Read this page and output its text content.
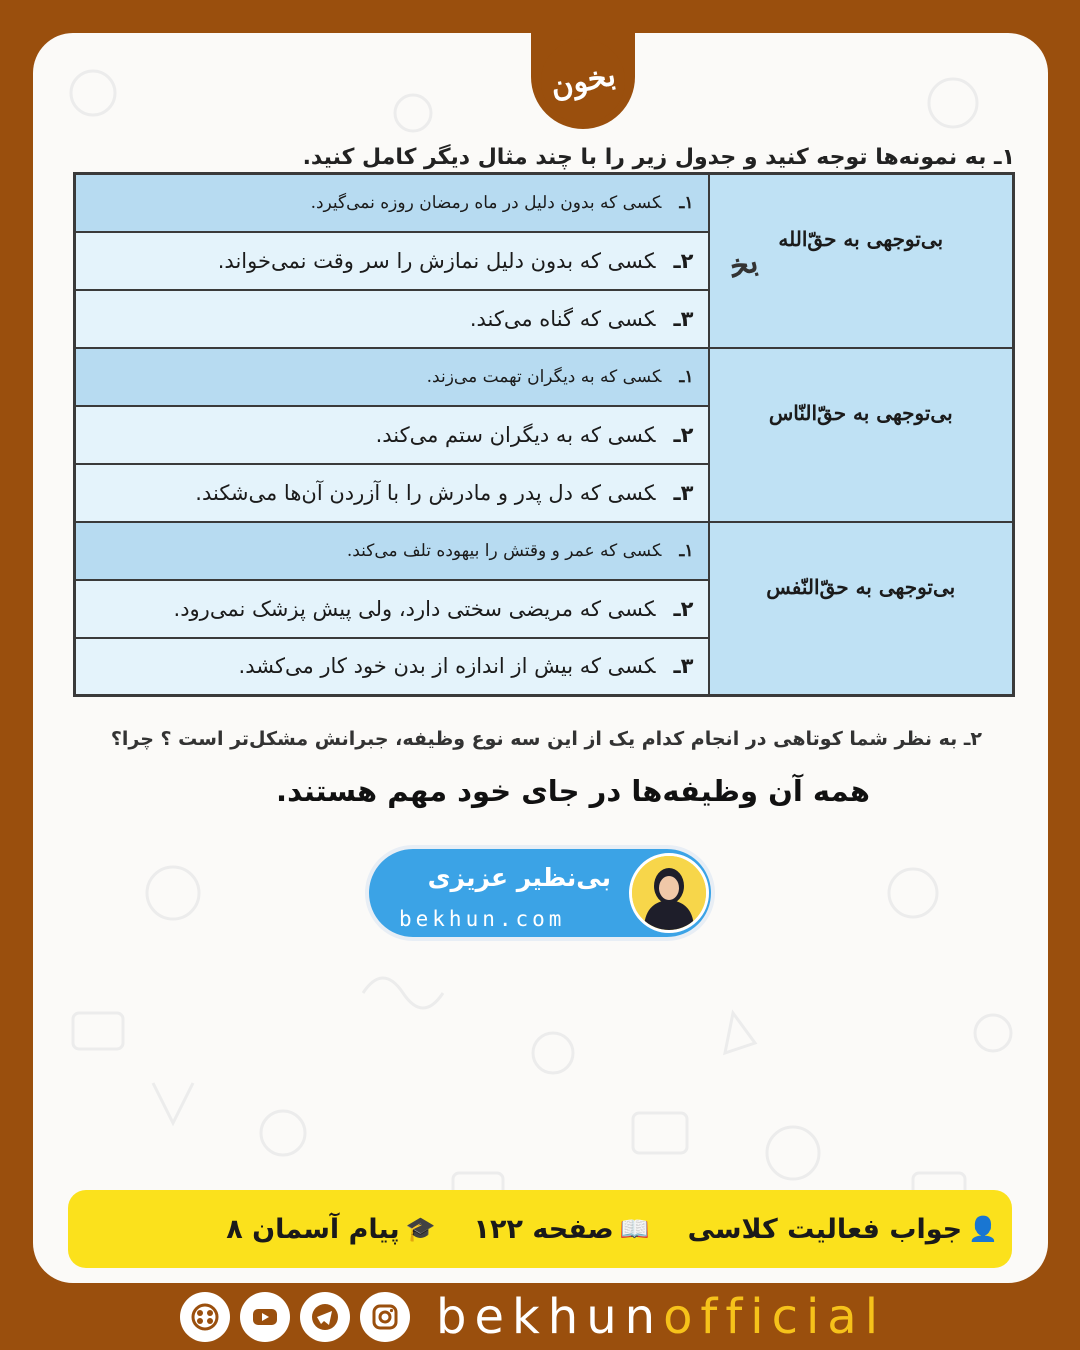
بخون
۱ـ به نمونه‌ها توجه کنید و جدول زیر را با چند مثال دیگر کامل کنید.
بی‌توجهی به حقّ‌الله
ﺑﺨ	۱ـکسی که بدون دلیل در ماه رمضان روزه نمی‌گیرد.
	۲ـکسی که بدون دلیل نمازش را سر وقت نمی‌خواند.
	۳ـکسی که گناه می‌کند.
بی‌توجهی به حقّ‌النّاس	۱ـکسی که به دیگران تهمت می‌زند.
	۲ـکسی که به دیگران ستم می‌کند.
	۳ـکسی که دل پدر و مادرش را با آزردن آن‌ها می‌شکند.
بی‌توجهی به حقّ‌النّفس	۱ـکسی که عمر و وقتش را بیهوده تلف می‌کند.
	۲ـکسی که مریضی سختی دارد، ولی پیش پزشک نمی‌رود.
	۳ـکسی که بیش از اندازه از بدن خود کار می‌کشد.
۲ـ به نظر شما کوتاهی در انجام کدام یک از این سه نوع وظیفه، جبرانش مشکل‌تر است ؟ چرا؟
همه آن وظیفه‌ها در جای خود مهم هستند.
بی‌نظیر عزیزی
bekhun.com
👤
جواب فعالیت کلاسی
📖
صفحه ۱۲۲
🎓
پیام آسمان ۸
bekhunofficial
